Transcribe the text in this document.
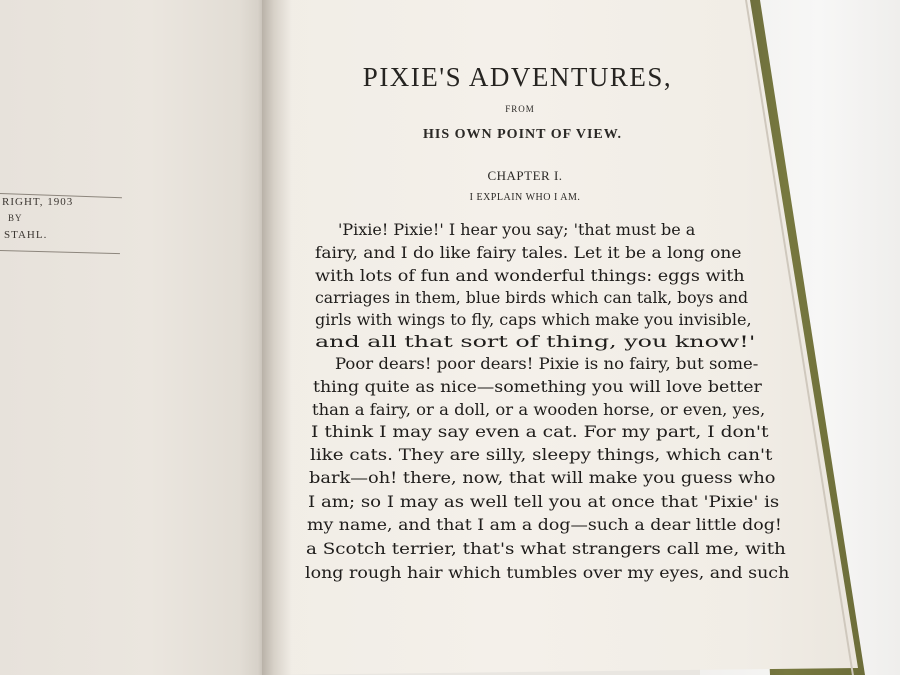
RIGHT, 1903
BY
STAHL.
PIXIE'S ADVENTURES,
FROM
HIS OWN POINT OF VIEW.
CHAPTER I.
I EXPLAIN WHO I AM.
'Pixie! Pixie!' I hear you say; 'that must be a
fairy, and I do like fairy tales. Let it be a long one
with lots of fun and wonderful things: eggs with
carriages in them, blue birds which can talk, boys and
girls with wings to fly, caps which make you invisible,
and all that sort of thing, you know!'
Poor dears! poor dears! Pixie is no fairy, but some-
thing quite as nice—something you will love better
than a fairy, or a doll, or a wooden horse, or even, yes,
I think I may say even a cat. For my part, I don't
like cats. They are silly, sleepy things, which can't
bark—oh! there, now, that will make you guess who
I am; so I may as well tell you at once that 'Pixie' is
my name, and that I am a dog—such a dear little dog!
a Scotch terrier, that's what strangers call me, with
long rough hair which tumbles over my eyes, and such
